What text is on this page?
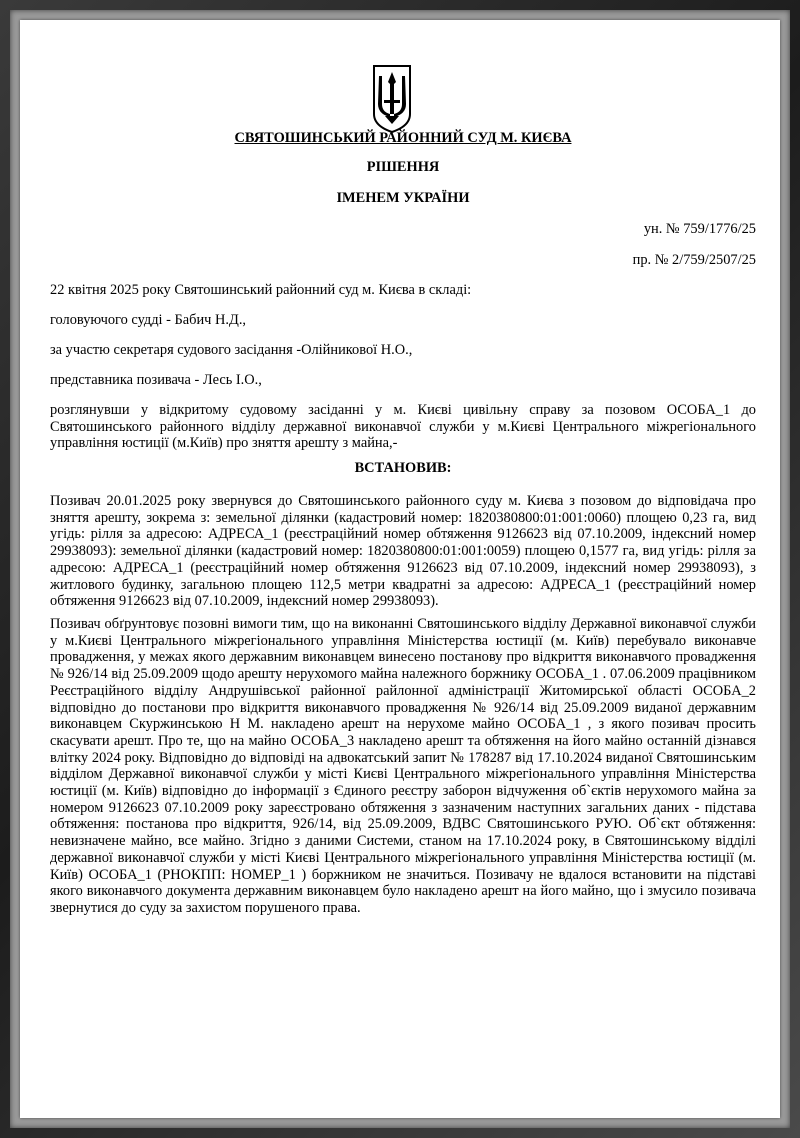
СВЯТОШИНСЬКИЙ РАЙОННИЙ СУД М. КИЄВА
РІШЕННЯ
ІМЕНЕМ УКРАЇНИ
ун. № 759/1776/25
пр. № 2/759/2507/25
22 квітня 2025 року Святошинський районний суд м. Києва в складі:
головуючого судді - Бабич Н.Д.,
за участю секретаря судового засідання -Олійникової Н.О.,
представника позивача - Лесь І.О.,
розглянувши у відкритому судовому засіданні у м. Києві цивільну справу за позовом ОСОБА_1 до Святошинського районного відділу державної виконавчої служби у м.Києві Центрального міжрегіонального управління юстиції (м.Київ) про зняття арешту з майна,-
ВСТАНОВИВ:
Позивач 20.01.2025 року звернувся до Святошинського районного суду м. Києва з позовом до відповідача про зняття арешту, зокрема з: земельної ділянки (кадастровий номер: 1820380800:01:001:0060) площею 0,23 га, вид угідь: рілля за адресою: АДРЕСА_1 (реєстраційний номер обтяження 9126623 від 07.10.2009, індексний номер 29938093): земельної ділянки (кадастровий номер: 1820380800:01:001:0059) площею 0,1577 га, вид угідь: рілля за адресою: АДРЕСА_1 (реєстраційний номер обтяження 9126623 від 07.10.2009, індексний номер 29938093), з житлового будинку, загальною площею 112,5 метри квадратні за адресою: АДРЕСА_1 (реєстраційний номер обтяження 9126623 від 07.10.2009, індексний номер 29938093).
Позивач обґрунтовує позовні вимоги тим, що на виконанні Святошинського відділу Державної виконавчої служби у м.Києві Центрального міжрегіонального управління Міністерства юстиції (м. Київ) перебувало виконавче провадження, у межах якого державним виконавцем винесено постанову про відкриття виконавчого провадження № 926/14 від 25.09.2009 щодо арешту нерухомого майна належного боржнику ОСОБА_1 . 07.06.2009 працівником Реєстраційного відділу Андрушівської районної райлонної адміністрації Житомирської області ОСОБА_2 відповідно до постанови про відкриття виконавчого провадження № 926/14 від 25.09.2009 виданої державним виконавцем Скуржинською Н М. накладено арешт на нерухоме майно ОСОБА_1 , з якого позивач просить скасувати арешт. Про те, що на майно ОСОБА_3 накладено арешт та обтяження на його майно останній дізнався влітку 2024 року. Відповідно до відповіді на адвокатський запит № 178287 від 17.10.2024 виданої Святошинським відділом Державної виконавчої служби у місті Києві Центрального міжрегіонального управління Міністерства юстиції (м. Київ) відповідно до інформації з Єдиного реєстру заборон відчуження об`єктів нерухомого майна за номером 9126623 07.10.2009 року зареєстровано обтяження з зазначеним наступних загальних даних - підстава обтяження: постанова про відкриття, 926/14, від 25.09.2009, ВДВС Святошинського РУЮ. Об`єкт обтяження: невизначене майно, все майно. Згідно з даними Системи, станом на 17.10.2024 року, в Святошинському відділі державної виконавчої служби у місті Києві Центрального міжрегіонального управління Міністерства юстиції (м. Київ) ОСОБА_1 (РНОКПП: НОМЕР_1 ) боржником не значиться. Позивачу не вдалося встановити на підставі якого виконавчого документа державним виконавцем було накладено арешт на його майно, що і змусило позивача звернутися до суду за захистом порушеного права.
